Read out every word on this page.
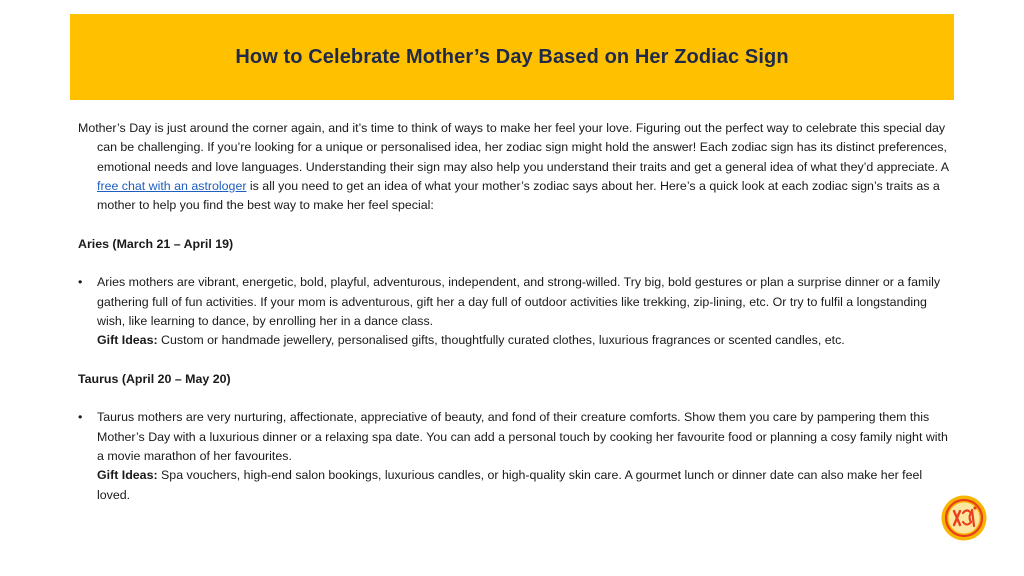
How to Celebrate Mother’s Day Based on Her Zodiac Sign

Mother’s Day is just around the corner again, and it’s time to think of ways to make her feel your love. Figuring out the perfect way to celebrate this special day can be challenging. If you’re looking for a unique or personalised idea, her zodiac sign might hold the answer! Each zodiac sign has its distinct preferences, emotional needs and love languages. Understanding their sign may also help you understand their traits and get a general idea of what they’d appreciate. A free chat with an astrologer is all you need to get an idea of what your mother’s zodiac says about her. Here’s a quick look at each zodiac sign’s traits as a mother to help you find the best way to make her feel special:

Aries (March 21 – April 19)

• Aries mothers are vibrant, energetic, bold, playful, adventurous, independent, and strong-willed. Try big, bold gestures or plan a surprise dinner or a family gathering full of fun activities. If your mom is adventurous, gift her a day full of outdoor activities like trekking, zip-lining, etc. Or try to fulfil a longstanding wish, like learning to dance, by enrolling her in a dance class.
Gift Ideas: Custom or handmade jewellery, personalised gifts, thoughtfully curated clothes, luxurious fragrances or scented candles, etc.

Taurus (April 20 – May 20)

• Taurus mothers are very nurturing, affectionate, appreciative of beauty, and fond of their creature comforts. Show them you care by pampering them this Mother’s Day with a luxurious dinner or a relaxing spa date. You can add a personal touch by cooking her favourite food or planning a cosy family night with a movie marathon of her favourites.
Gift Ideas: Spa vouchers, high-end salon bookings, luxurious candles, or high-quality skin care. A gourmet lunch or dinner date can also make her feel loved.
